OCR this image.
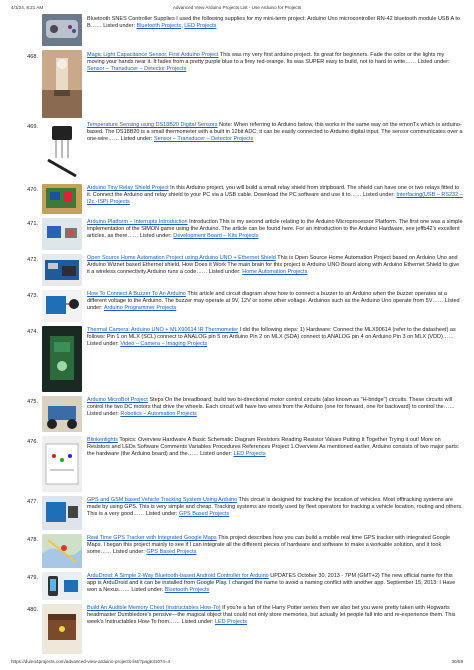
4/1/24, 8:21 AM	Advanced View Arduino Projects List - Use Arduino for Projects
Bluetooth SNES Controller Supplies I used the following supplies for my mini-term project: Arduino Uno microcontroller RN-42 bluetooth module USB A to B…… Listed under: Bluetooth Projects, LED Projects
468.	Magic Light Capacitance Sensor, First Arduino Project This was my very first arduino project. Its great for beginners. Fade the color or the lights my moving your hands near it. It fades from a pretty purple blue to a firey red-orange. Its was SUPER easy to build, not to hard to write…… Listed under: Sensor – Transducer – Detector Projects
469.	Temperature Sensing using DS18B20 Digital Sensors Note: When referring to Arduino below, this works in the same way on the emonTx which is arduino-based. The DS18B20 is a small thermometer with a built in 12bit ADC; it can be easily connected to Arduino digital input. The sensor communicates over a one-wire…… Listed under: Sensor – Transducer – Detector Projects
470.	Arduino Tiny Relay Shield Project In this Arduino project, you will build a small relay shield from stripboard. The shield can have one or two relays fitted to it. Connect the Arduino and relay shield to your PC via a USB cable. Download the PC software and use it to…… Listed under: Interfacing(USB – RS232 – I2c -ISP) Projects
471.	Arduino Platform – Interrupts Introduction Introduction This is my second article relating to the Arduino Microprocessor Platform. The first one was a simple implementation of the SIMON game using the Arduino. The article can be found here. For an introduction to the Arduino Hardware, see jeffb42's excellent articles, as there…… Listed under: Development Board – Kits Projects
472.	Open Source Home Automation Project using Arduino UNO + Ethernet Shield This is Open Source Home Automation Project based on Arduino Uno and Arduino Wiznet based Ethernet shield. How Does it Work The main brain for this project is Arduino UNO Board along with Arduino Ethernet Shield to give it a wireless connectivity.Arduino runs a code…… Listed under: Home Automation Projects
473.	How To Connect A Buzzer To An Arduino This article and circuit diagram show how to connect a buzzer to an Arduino when the buzzer operates at a different voltage to the Arduino. The buzzer may operate at 9V, 12V or some other voltage. Arduinos such as the Arduino Uno operate from 5V…… Listed under: Arduino Programmer Projects
474.	Thermal Camera: Arduino UNO + MLX90614 IR Thermometer I did the following steps: 1) Hardware: Connect the MLX90614 (refer to the datasheet) as follows: Pin 1 on MLX (SCL) connect to ANALOG pin 5 on Arduino Pin 2 on MLX (SDA) connect to ANALOG pin 4 on Arduino Pin 3 on MLX (VDD)…… Listed under: Video – Camera – Imaging Projects
475.	Arduino MicroBot Project Steps On the breadboard, build two bi-directional motor control circuits (also known as "H-bridge") circuits. These circuits will control the two DC motors that drive the wheels. Each circuit will have two wires from the Arduino (one for forward, one for backward) to control the…… Listed under: Robotics – Automation Projects
476.	Blinkenlights Topics: Overview Hardware A Basic Schematic Diagram Resistors Reading Resistor Values Putting It Together Trying it out! More on Resistors and LEDs Software Comments Variables Procedures References Project 1.Overview As mentioned earlier, Arduino consists of two major parts: the hardware (the Arduino board) and the…… Listed under: LED Projects
477.	GPS and GSM based Vehicle Tracking System Using Arduino This circuit is designed for tracking the location of vehicles. Most offtracking systems are made by using GPS. This is very simple and cheap. Tracking systems are mostly used by fleet operators for tracking a vehicle location, routing and others. This is a very good…… Listed under: GPS Based Projects
478.	Real Time GPS Tracker with Integrated Google Maps This project describes how you can build a mobile real time GPS tracker with integrated Google Maps. I began this project mainly to see if I can integrate all the different pieces of hardware and software to make a workable solution, and it took some…… Listed under: GPS Based Projects
479.	ArduDroid: A Simple 2-Way Bluetooth-based Android Controller for Arduino UPDATES October 30, 2013 - 7PM (GMT+2) The new official name for this app is ArduDroid and it can be installed from Google Play. I changed the name to avoid a naming conflict with another app. September 15, 2013: I Have won a Nexus…… Listed under: Bluetooth Projects
480.	Build An Audible Memory Chest (Instructables How-To) If you're a fan of the Harry Potter series then we also bet you were pretty taken with Hogwarts headmaster Dumbledore's pensive—the magical object that could not only store memories, but actually let people fall into and re-experience them. This week's Instructables How-To from…… Listed under: LED Projects
https://duino4projects.com/advanced-view-arduino-projects-list/?page31074=4	30/59
